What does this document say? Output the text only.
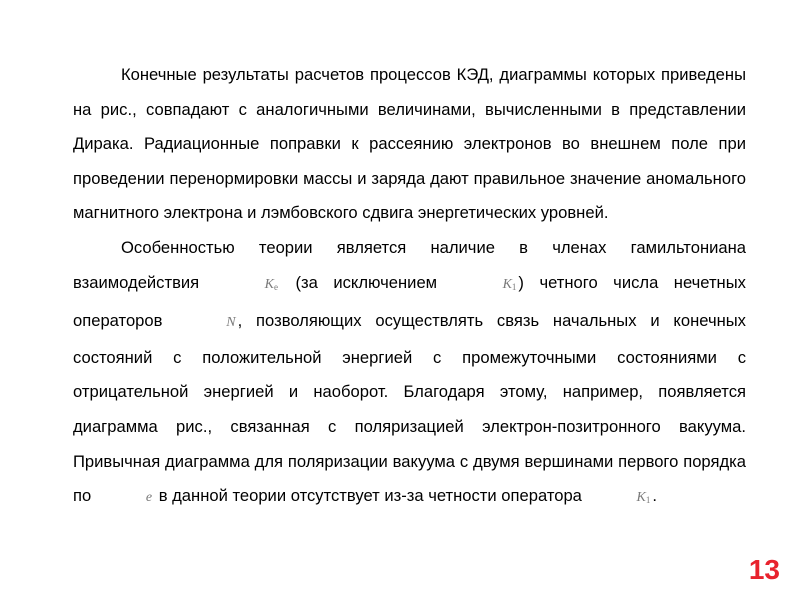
Конечные результаты расчетов процессов КЭД, диаграммы которых приведены на рис., совпадают с аналогичными величинами, вычисленными в представлении Дирака. Радиационные поправки к рассеянию электронов во внешнем поле при проведении перенормировки массы и заряда дают правильное значение аномального магнитного электрона и лэмбовского сдвига энергетических уровней.

Особенностью теории является наличие в членах гамильтониана взаимодействия	$K_e$ (за исключением	$K_1$ ) четного числа нечетных операторов	N , позволяющих осуществлять связь начальных и конечных состояний с положительной энергией с промежуточными состояниями с отрицательной энергией и наоборот. Благодаря этому, например, появляется диаграмма рис., связанная с поляризацией электрон-позитронного вакуума. Привычная диаграмма для поляризации вакуума с двумя вершинами первого порядка по	e в данной теории отсутствует из-за четности оператора	$K_1$ .

13
